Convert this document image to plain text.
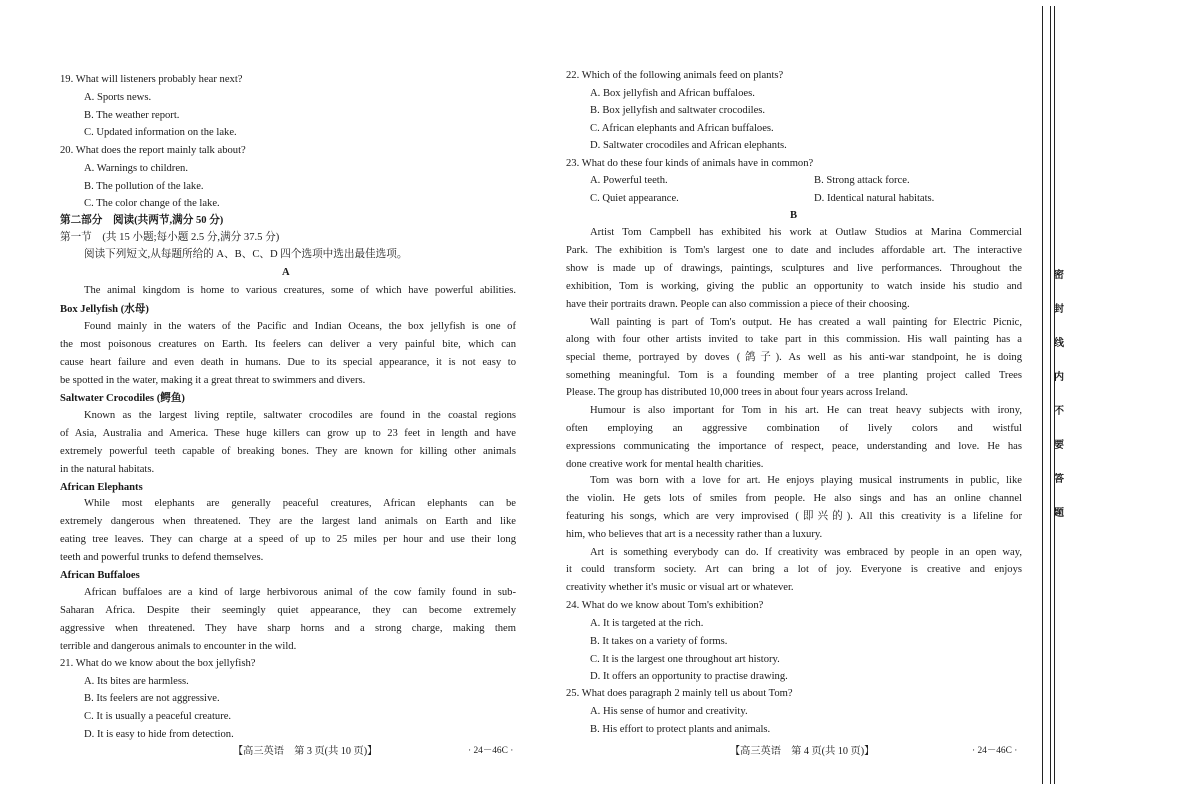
19. What will listeners probably hear next?
A. Sports news.
B. The weather report.
C. Updated information on the lake.
20. What does the report mainly talk about?
A. Warnings to children.
B. The pollution of the lake.
C. The color change of the lake.
第二部分　阅读(共两节,满分 50 分)
第一节　(共 15 小题;每小题 2.5 分,满分 37.5 分)
阅读下列短文,从每题所给的 A、B、C、D 四个选项中选出最佳选项。
A
The animal kingdom is home to various creatures, some of which have powerful abilities.
Box Jellyfish (水母)
Found mainly in the waters of the Pacific and Indian Oceans, the box jellyfish is one of
the most poisonous creatures on Earth. Its feelers can deliver a very painful bite, which can
cause heart failure and even death in humans. Due to its special appearance, it is not easy to
be spotted in the water, making it a great threat to swimmers and divers.
Saltwater Crocodiles (鳄鱼)
Known as the largest living reptile, saltwater crocodiles are found in the coastal regions
of Asia, Australia and America. These huge killers can grow up to 23 feet in length and have
extremely powerful teeth capable of breaking bones. They are known for killing other animals
in the natural habitats.
African Elephants
While most elephants are generally peaceful creatures, African elephants can be
extremely dangerous when threatened. They are the largest land animals on Earth and like
eating tree leaves. They can charge at a speed of up to 25 miles per hour and use their long
teeth and powerful trunks to defend themselves.
African Buffaloes
African buffaloes are a kind of large herbivorous animal of the cow family found in sub-
Saharan Africa. Despite their seemingly quiet appearance, they can become extremely
aggressive when threatened. They have sharp horns and a strong charge, making them
terrible and dangerous animals to encounter in the wild.
21. What do we know about the box jellyfish?
A. Its bites are harmless.
B. Its feelers are not aggressive.
C. It is usually a peaceful creature.
D. It is easy to hide from detection.
22. Which of the following animals feed on plants?
A. Box jellyfish and African buffaloes.
B. Box jellyfish and saltwater crocodiles.
C. African elephants and African buffaloes.
D. Saltwater crocodiles and African elephants.
23. What do these four kinds of animals have in common?
A. Powerful teeth.	B. Strong attack force.
C. Quiet appearance.	D. Identical natural habitats.
B
Artist Tom Campbell has exhibited his work at Outlaw Studios at Marina Commercial
Park. The exhibition is Tom's largest one to date and includes affordable art. The interactive
show is made up of drawings, paintings, sculptures and live performances. Throughout the
exhibition, Tom is working, giving the public an opportunity to watch inside his studio and
have their portraits drawn. People can also commission a piece of their choosing.
Wall painting is part of Tom's output. He has created a wall painting for Electric Picnic,
along with four other artists invited to take part in this commission. His wall painting has a
special theme, portrayed by doves (鸽子). As well as his anti-war standpoint, he is doing
something meaningful. Tom is a founding member of a tree planting project called Trees
Please. The group has distributed 10,000 trees in about four years across Ireland.
Humour is also important for Tom in his art. He can treat heavy subjects with irony,
often employing an aggressive combination of lively colors and wistful
expressions communicating the importance of respect, peace, understanding and love. He has
done creative work for mental health charities.
Tom was born with a love for art. He enjoys playing musical instruments in public, like
the violin. He gets lots of smiles from people. He also sings and has an online channel
featuring his songs, which are very improvised (即兴的). All this creativity is a lifeline for
him, who believes that art is a necessity rather than a luxury.
Art is something everybody can do. If creativity was embraced by people in an open way,
it could transform society. Art can bring a lot of joy. Everyone is creative and enjoys
creativity whether it's music or visual art or whatever.
24. What do we know about Tom's exhibition?
A. It is targeted at the rich.
B. It takes on a variety of forms.
C. It is the largest one throughout art history.
D. It offers an opportunity to practise drawing.
25. What does paragraph 2 mainly tell us about Tom?
A. His sense of humor and creativity.
B. His effort to protect plants and animals.
【高三英语　第 3 页(共 10 页)】	· 24－46C ·	【高三英语　第 4 页(共 10 页)】	· 24－46C ·
密
封
线
内
不
要
答
题
